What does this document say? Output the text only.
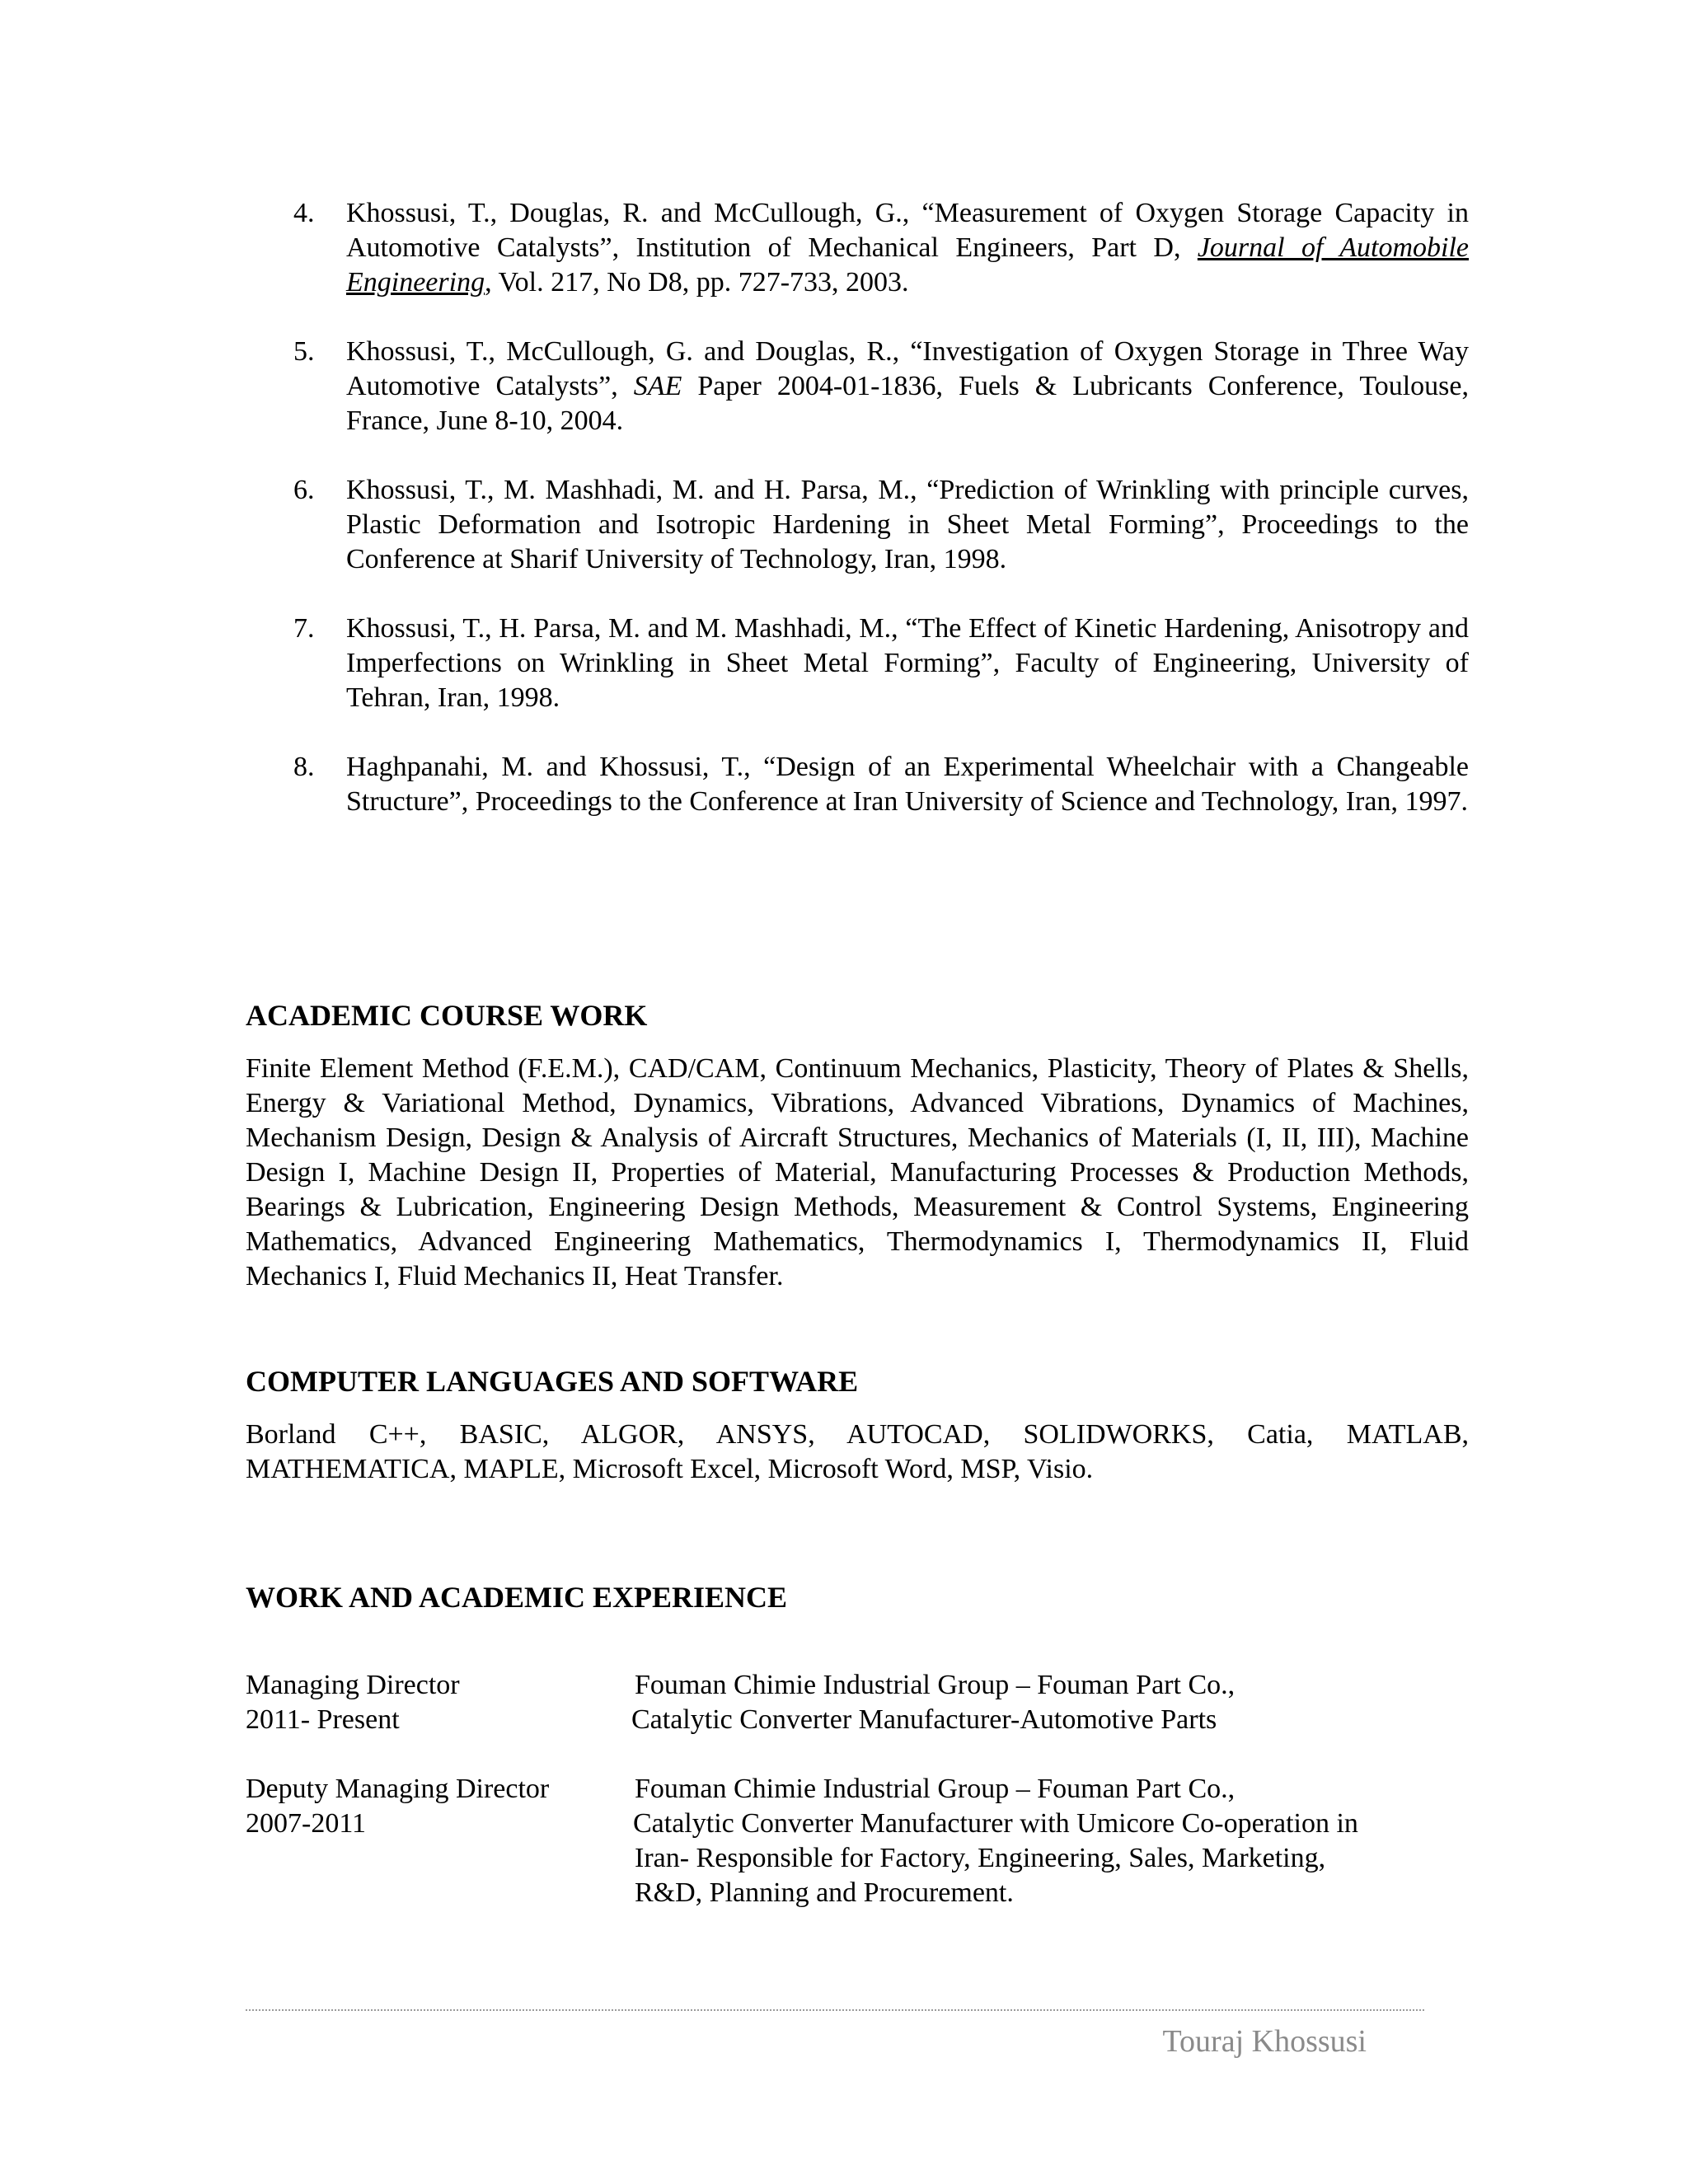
4. Khossusi, T., Douglas, R. and McCullough, G., “Measurement of Oxygen Storage Capacity in Automotive Catalysts”, Institution of Mechanical Engineers, Part D, Journal of Automobile Engineering, Vol. 217, No D8, pp. 727-733, 2003.
5. Khossusi, T., McCullough, G. and Douglas, R., “Investigation of Oxygen Storage in Three Way Automotive Catalysts”, SAE Paper 2004-01-1836, Fuels & Lubricants Conference, Toulouse, France, June 8-10, 2004.
6. Khossusi, T., M. Mashhadi, M. and H. Parsa, M., “Prediction of Wrinkling with principle curves, Plastic Deformation and Isotropic Hardening in Sheet Metal Forming”, Proceedings to the Conference at Sharif University of Technology, Iran, 1998.
7. Khossusi, T., H. Parsa, M. and M. Mashhadi, M., “The Effect of Kinetic Hardening, Anisotropy and Imperfections on Wrinkling in Sheet Metal Forming”, Faculty of Engineering, University of Tehran, Iran, 1998.
8. Haghpanahi, M. and Khossusi, T., “Design of an Experimental Wheelchair with a Changeable Structure”, Proceedings to the Conference at Iran University of Science and Technology, Iran, 1997.
ACADEMIC COURSE WORK

Finite Element Method (F.E.M.), CAD/CAM, Continuum Mechanics, Plasticity, Theory of Plates & Shells, Energy & Variational Method, Dynamics, Vibrations, Advanced Vibrations, Dynamics of Machines, Mechanism Design, Design & Analysis of Aircraft Structures, Mechanics of Materials (I, II, III), Machine Design I, Machine Design II, Properties of Material, Manufacturing Processes & Production Methods, Bearings & Lubrication, Engineering Design Methods, Measurement & Control Systems, Engineering Mathematics, Advanced Engineering Mathematics, Thermodynamics I, Thermodynamics II, Fluid Mechanics I, Fluid Mechanics II, Heat Transfer.

COMPUTER LANGUAGES AND SOFTWARE

Borland C++, BASIC, ALGOR, ANSYS, AUTOCAD, SOLIDWORKS, Catia, MATLAB, MATHEMATICA, MAPLE, Microsoft Excel, Microsoft Word, MSP, Visio.

WORK AND ACADEMIC EXPERIENCE
Managing Director
2011- Present
Fouman Chimie Industrial Group – Fouman Part Co.,
Catalytic Converter Manufacturer-Automotive Parts
Deputy Managing Director
2007-2011
Fouman Chimie Industrial Group – Fouman Part Co.,
Catalytic Converter Manufacturer with Umicore Co-operation in
Iran- Responsible for Factory, Engineering, Sales, Marketing,
R&D, Planning and Procurement.
Touraj Khossusi
